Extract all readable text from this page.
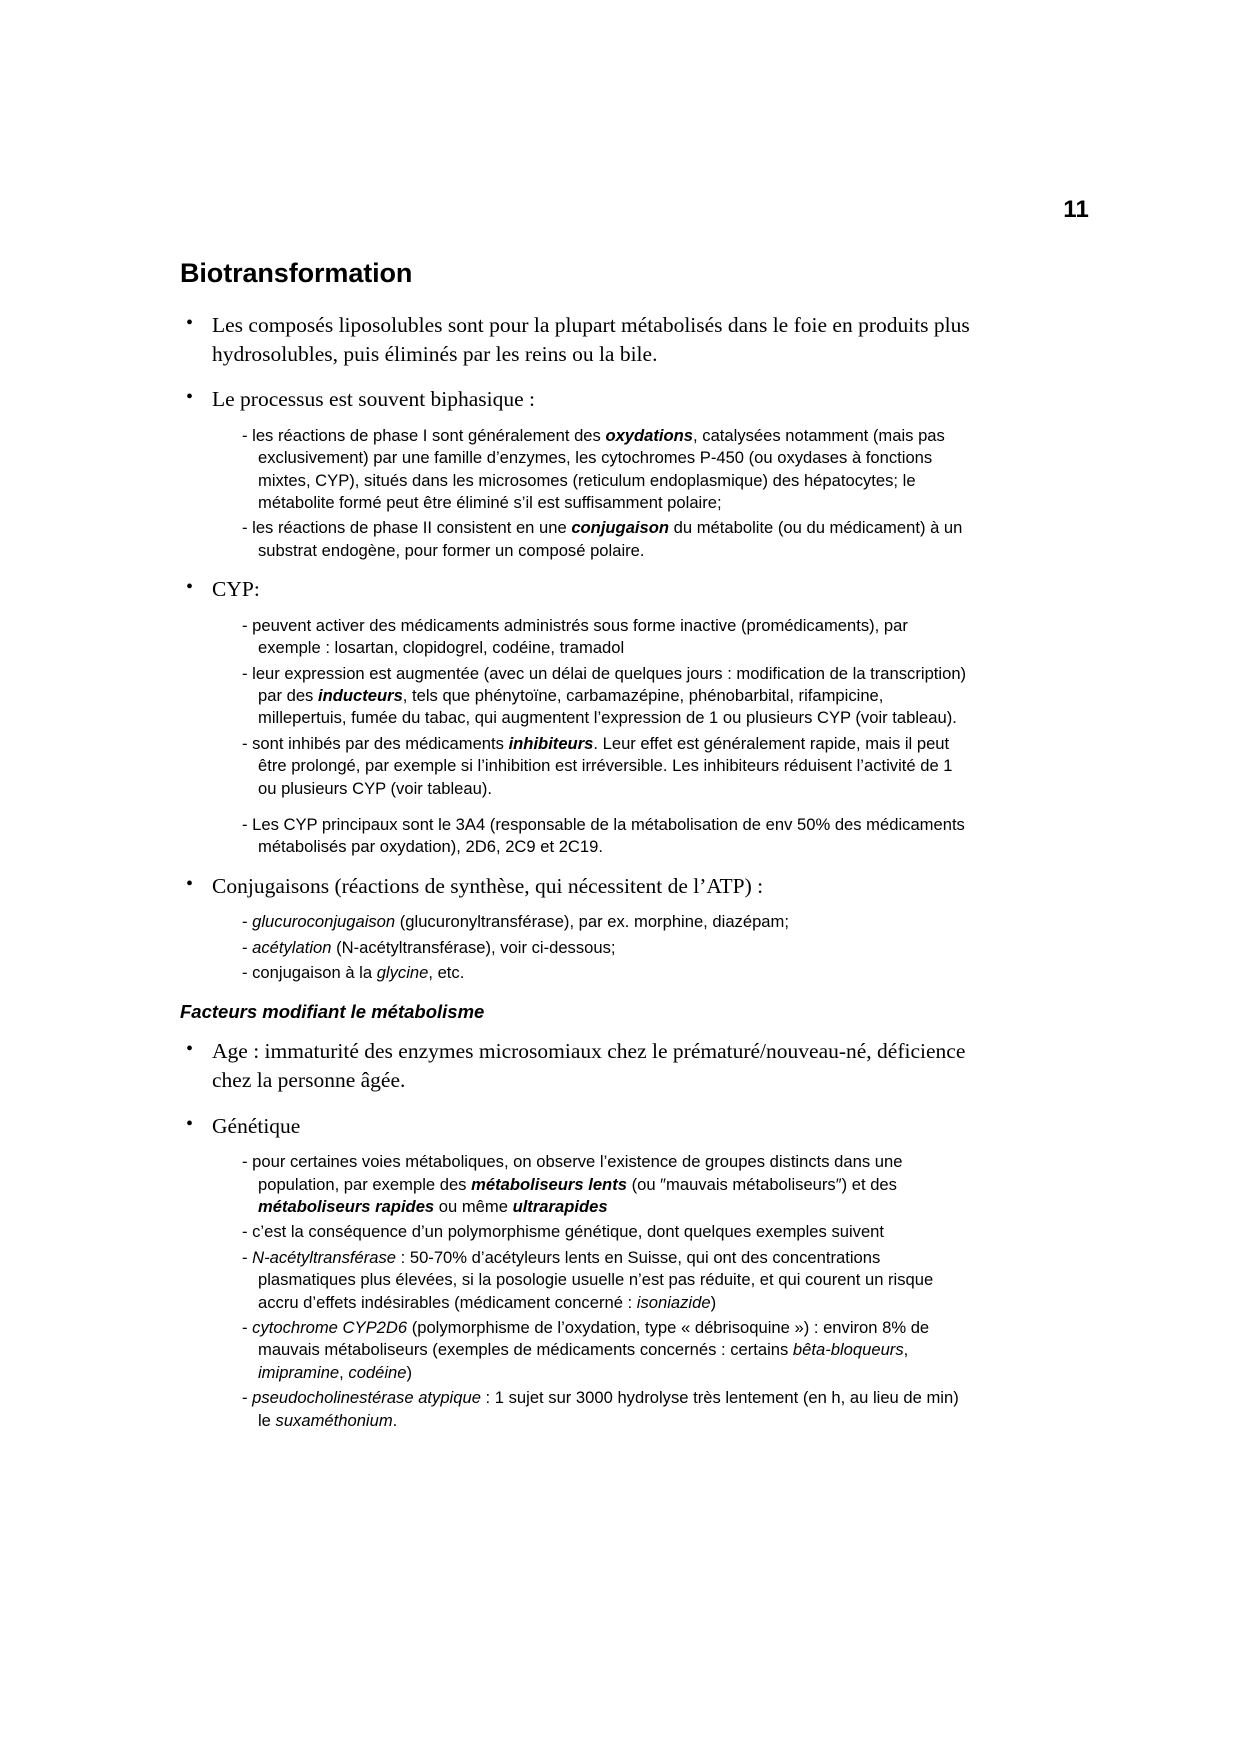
11
Biotransformation
• Les composés liposolubles sont pour la plupart métabolisés dans le foie en produits plus hydrosolubles, puis éliminés par les reins ou la bile.
• Le processus est souvent biphasique :
- les réactions de phase I sont généralement des oxydations, catalysées notamment (mais pas exclusivement) par une famille d’enzymes, les cytochromes P-450 (ou oxydases à fonctions mixtes, CYP), situés dans les microsomes (reticulum endoplasmique) des hépatocytes; le métabolite formé peut être éliminé s’il est suffisamment polaire;
- les réactions de phase II consistent en une conjugaison du métabolite (ou du médicament) à un substrat endogène, pour former un composé polaire.
• CYP:
- peuvent activer des médicaments administrés sous forme inactive (promédicaments), par exemple : losartan, clopidogrel, codéine, tramadol
- leur expression est augmentée (avec un délai de quelques jours : modification de la transcription) par des inducteurs, tels que phénytoïne, carbamazépine, phénobarbital, rifampicine, millepertuis, fumée du tabac, qui augmentent l’expression de 1 ou plusieurs CYP (voir tableau).
- sont inhibés par des médicaments inhibiteurs. Leur effet est généralement rapide, mais il peut être prolongé, par exemple si l’inhibition est irréversible. Les inhibiteurs réduisent l’activité de 1 ou plusieurs CYP (voir tableau).
- Les CYP principaux sont le 3A4 (responsable de la métabolisation de env 50% des médicaments métabolisés par oxydation), 2D6, 2C9 et 2C19.
• Conjugaisons (réactions de synthèse, qui nécessitent de l’ATP) :
- glucuroconjugaison (glucuronyltransférase), par ex. morphine, diazépam;
- acétylation (N-acétyltransférase), voir ci-dessous;
- conjugaison à la glycine, etc.
Facteurs modifiant le métabolisme
• Age : immaturité des enzymes microsomiaux chez le prématuré/nouveau-né, déficience chez la personne âgée.
• Génétique
- pour certaines voies métaboliques, on observe l’existence de groupes distincts dans une population, par exemple des métaboliseurs lents (ou ″mauvais métaboliseurs″) et des métaboliseurs rapides ou même ultrarapides
- c’est la conséquence d’un polymorphisme génétique, dont quelques exemples suivent
- N-acétyltransférase : 50-70% d’acétyleurs lents en Suisse, qui ont des concentrations plasmatiques plus élevées, si la posologie usuelle n’est pas réduite, et qui courent un risque accru d’effets indésirables (médicament concerné : isoniazide)
- cytochrome CYP2D6 (polymorphisme de l’oxydation, type « débrisoquine ») : environ 8% de mauvais métaboliseurs (exemples de médicaments concernés : certains bêta-bloqueurs, imipramine, codéine)
- pseudocholinestérase atypique : 1 sujet sur 3000 hydrolyse très lentement (en h, au lieu de min) le suxaméthonium.
